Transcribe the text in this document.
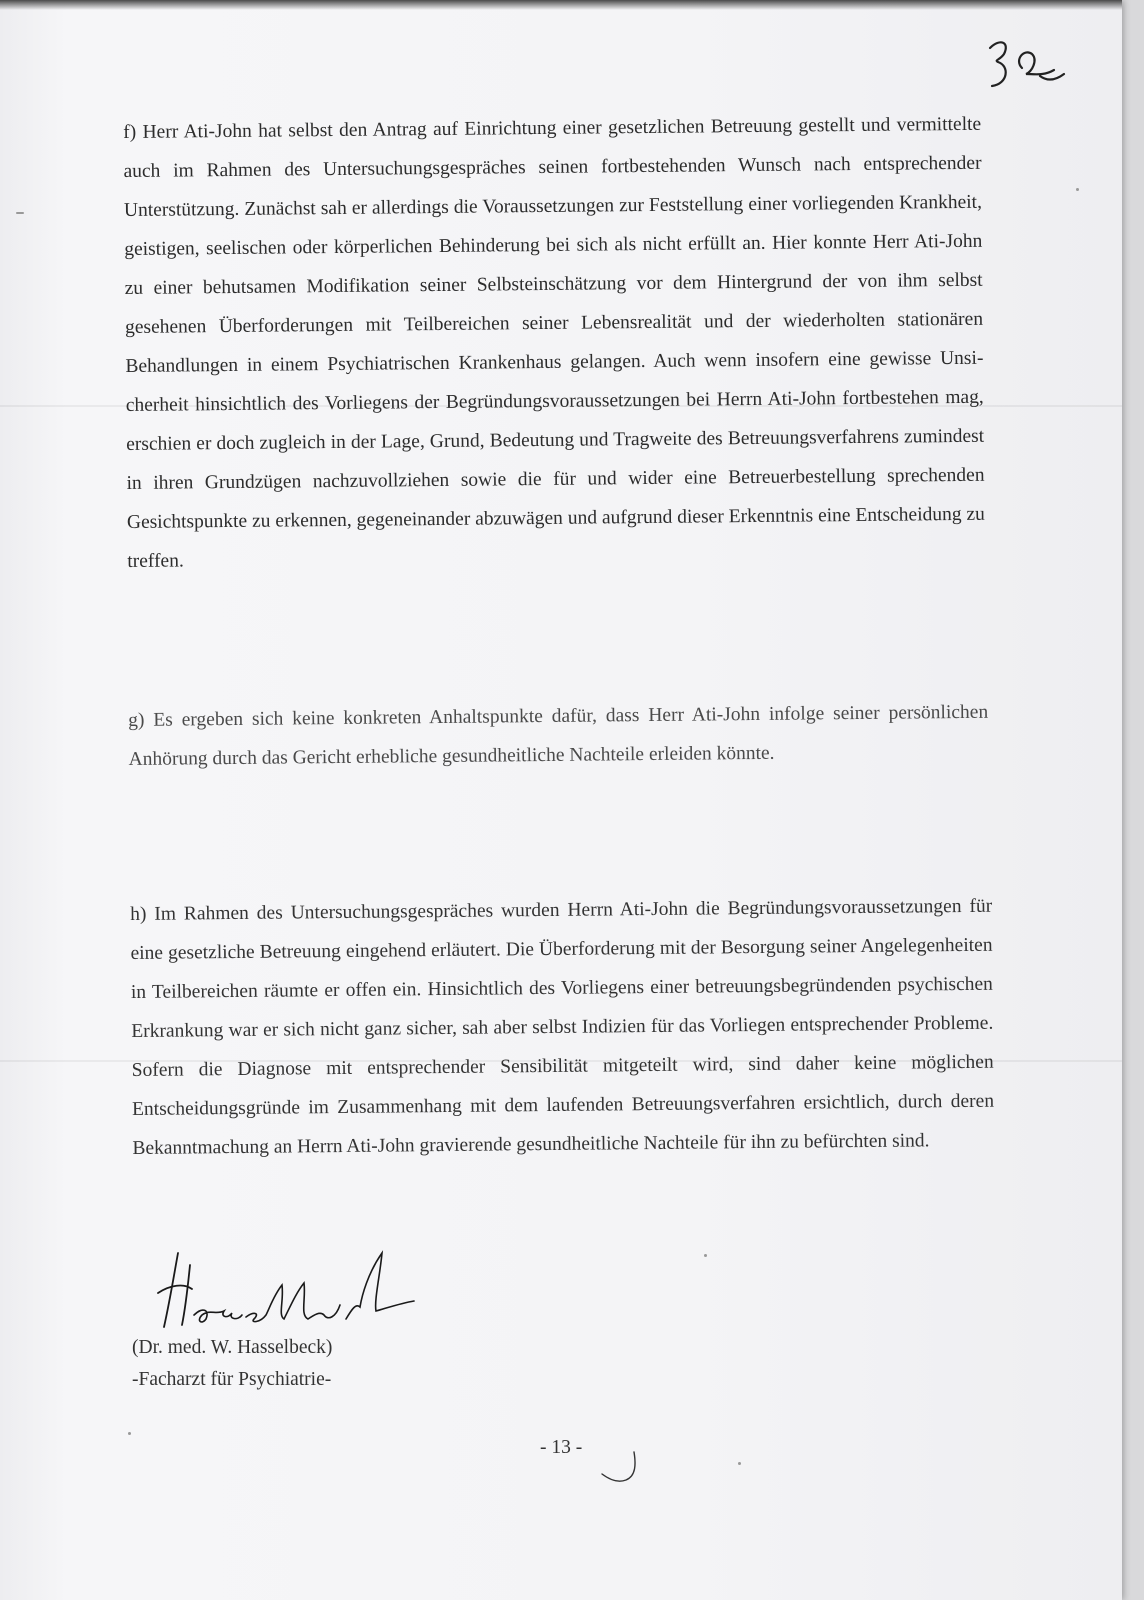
f) Herr Ati-John hat selbst den Antrag auf Einrichtung einer gesetzlichen Betreuung gestellt und vermittelte auch im Rahmen des Untersuchungsgespräches seinen fortbestehenden Wunsch nach entsprechender Unterstützung. Zunächst sah er allerdings die Voraussetzungen zur Feststellung einer vorliegenden Krankheit, geistigen, seelischen oder körperlichen Behinderung bei sich als nicht erfüllt an. Hier konnte Herr Ati-John zu einer behutsamen Modifikation seiner Selbsteinschätzung vor dem Hintergrund der von ihm selbst gesehenen Überforderungen mit Teilbereichen seiner Lebensrealität und der wiederholten stationären Behandlungen in einem Psychiatrischen Krankenhaus gelangen. Auch wenn insofern eine gewisse Unsicherheit hinsichtlich des Vorliegens der Begründungsvoraussetzungen bei Herrn Ati-John fortbestehen mag, erschien er doch zugleich in der Lage, Grund, Bedeutung und Tragweite des Betreuungsverfahrens zumindest in ihren Grundzügen nachzuvollziehen sowie die für und wider eine Betreuerbestellung sprechenden Gesichtspunkte zu erkennen, gegeneinander abzuwägen und aufgrund dieser Erkenntnis eine Entscheidung zu treffen.

g) Es ergeben sich keine konkreten Anhaltspunkte dafür, dass Herr Ati-John infolge seiner persönlichen Anhörung durch das Gericht erhebliche gesundheitliche Nachteile erleiden könnte.

h) Im Rahmen des Untersuchungsgespräches wurden Herrn Ati-John die Begründungsvoraussetzungen für eine gesetzliche Betreuung eingehend erläutert. Die Überforderung mit der Besorgung seiner Angelegenheiten in Teilbereichen räumte er offen ein. Hinsichtlich des Vorliegens einer betreuungsbegründenden psychischen Erkrankung war er sich nicht ganz sicher, sah aber selbst Indizien für das Vorliegen entsprechender Probleme. Sofern die Diagnose mit entsprechender Sensibilität mitgeteilt wird, sind daher keine möglichen Entscheidungsgründe im Zusammenhang mit dem laufenden Betreuungsverfahren ersichtlich, durch deren Bekanntmachung an Herrn Ati-John gravierende gesundheitliche Nachteile für ihn zu befürchten sind.

(Dr. med. W. Hasselbeck)
-Facharzt für Psychiatrie-
- 13 -
